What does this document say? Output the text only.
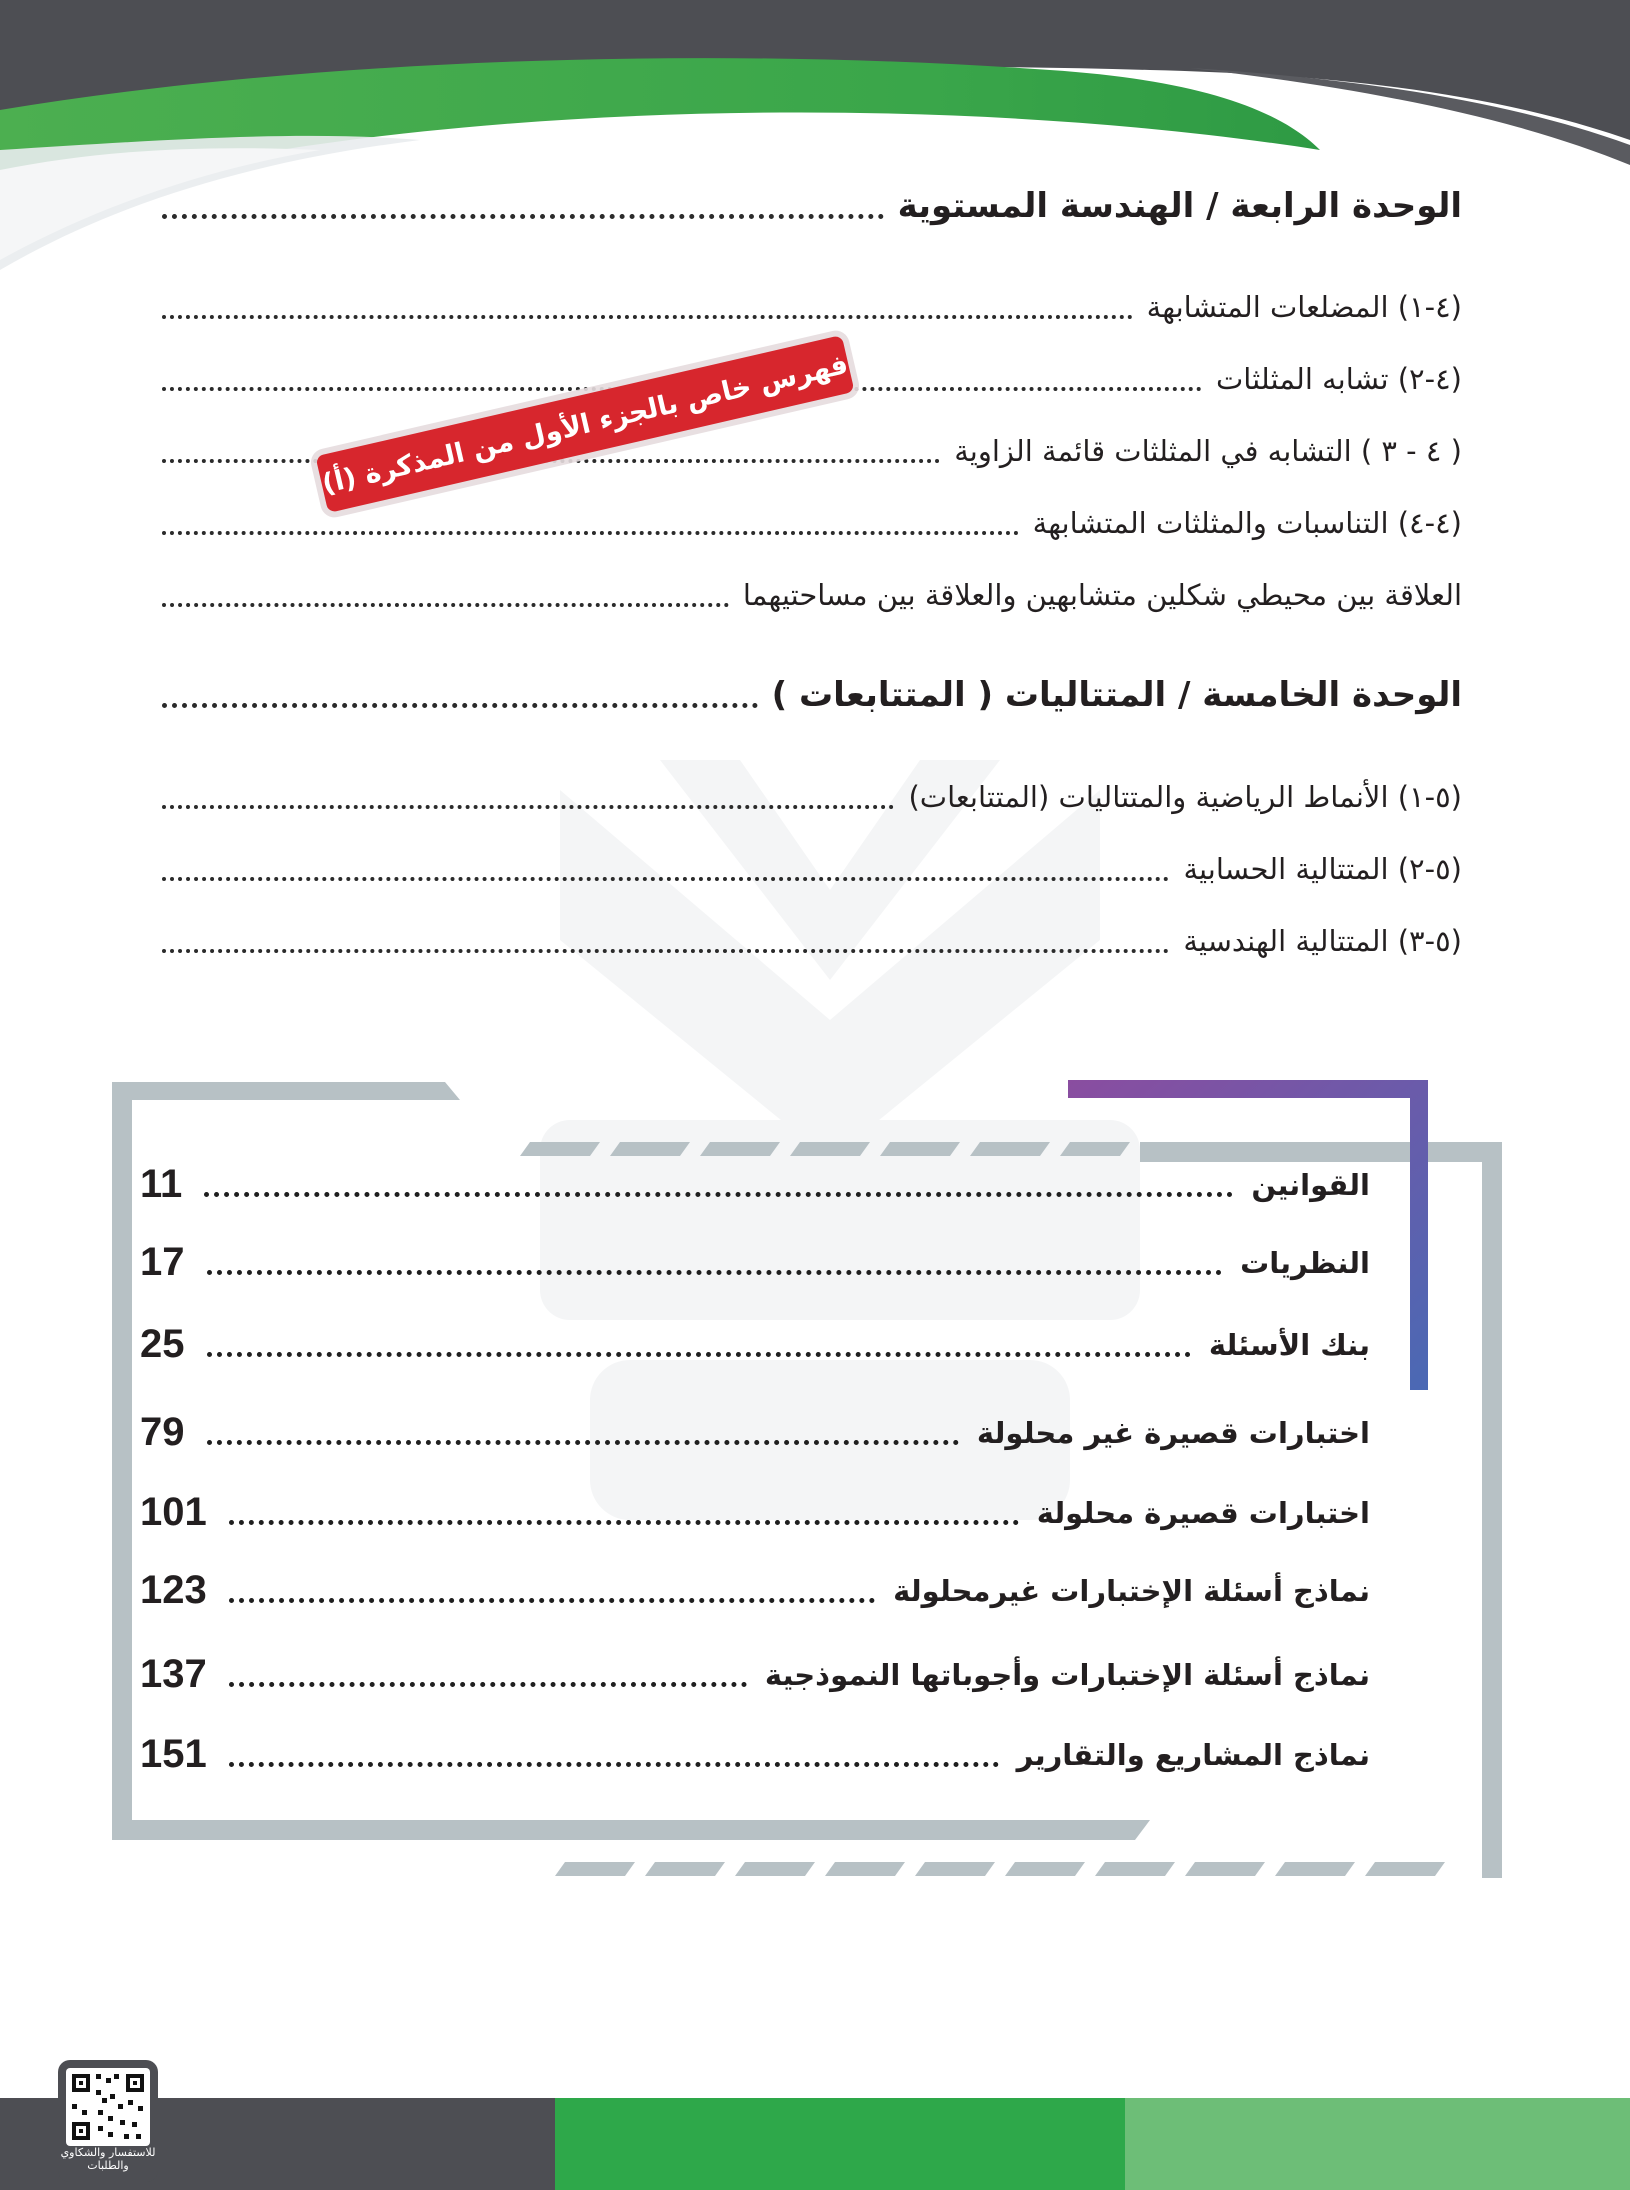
الوحدة الرابعة / الهندسة المستوية
(٤-١) المضلعات المتشابهة
(٤-٢) تشابه المثلثات
( ٤ - ٣ ) التشابه في المثلثات قائمة الزاوية
(٤-٤) التناسبات والمثلثات المتشابهة
العلاقة بين محيطي شكلين متشابهين والعلاقة بين مساحتيهما
فهرس خاص بالجزء الأول من المذكرة (أ)
الوحدة الخامسة / المتتاليات ( المتتابعات )
(٥-١) الأنماط الرياضية والمتتاليات (المتتابعات)
(٥-٢) المتتالية الحسابية
(٥-٣) المتتالية الهندسية
القوانين
11
النظريات
17
بنك الأسئلة
25
اختبارات قصيرة غير محلولة
79
اختبارات قصيرة محلولة
101
نماذج أسئلة الإختبارات غيرمحلولة
123
نماذج أسئلة الإختبارات وأجوباتها النموذجية
137
نماذج المشاريع والتقارير
151
للاستفسار والشكاوي والطلبات
